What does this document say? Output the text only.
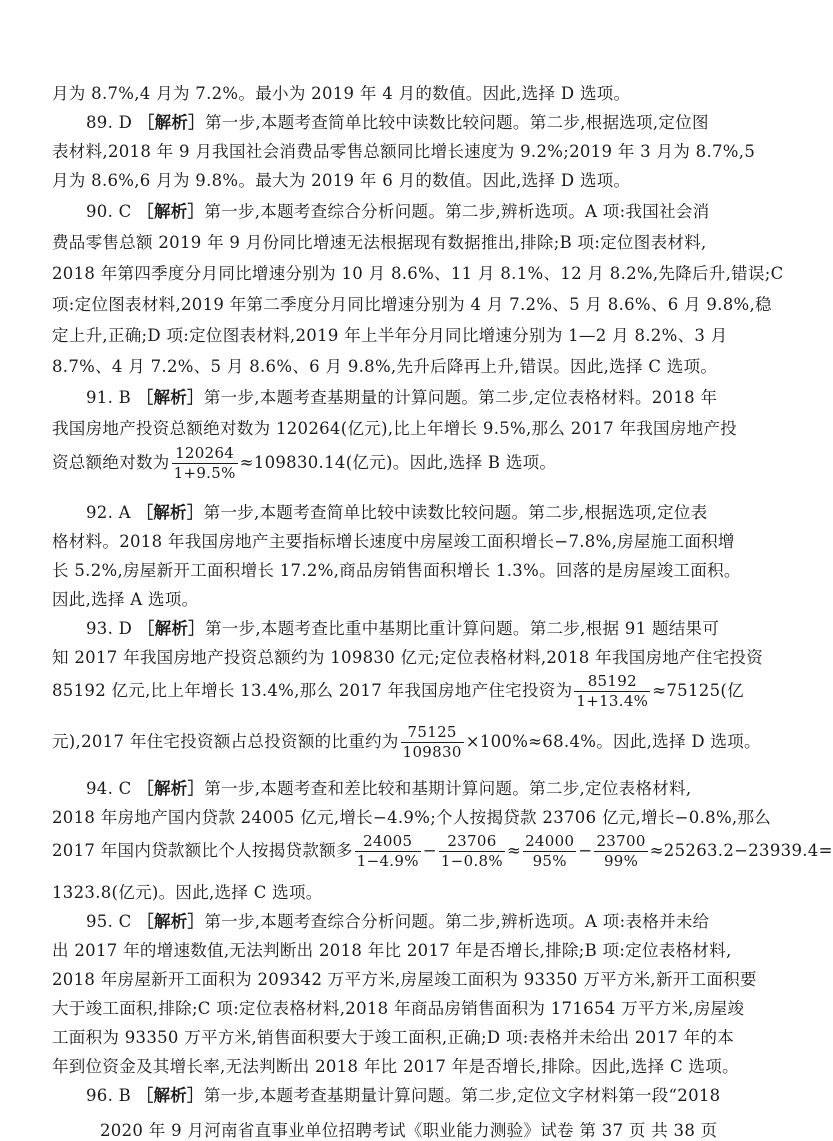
月为 8.7%,4 月为 7.2%。最小为 2019 年 4 月的数值。因此,选择 D 选项。
89. D ［解析］第一步,本题考查简单比较中读数比较问题。第二步,根据选项,定位图
表材料,2018 年 9 月我国社会消费品零售总额同比增长速度为 9.2%;2019 年 3 月为 8.7%,5
月为 8.6%,6 月为 9.8%。最大为 2019 年 6 月的数值。因此,选择 D 选项。
90. C ［解析］第一步,本题考查综合分析问题。第二步,辨析选项。A 项:我国社会消
费品零售总额 2019 年 9 月份同比增速无法根据现有数据推出,排除;B 项:定位图表材料,
2018 年第四季度分月同比增速分别为 10 月 8.6%、11 月 8.1%、12 月 8.2%,先降后升,错误;C
项:定位图表材料,2019 年第二季度分月同比增速分别为 4 月 7.2%、5 月 8.6%、6 月 9.8%,稳
定上升,正确;D 项:定位图表材料,2019 年上半年分月同比增速分别为 1—2 月 8.2%、3 月
8.7%、4 月 7.2%、5 月 8.6%、6 月 9.8%,先升后降再上升,错误。因此,选择 C 选项。
91. B ［解析］第一步,本题考查基期量的计算问题。第二步,定位表格材料。2018 年
我国房地产投资总额绝对数为 120264(亿元),比上年增长 9.5%,那么 2017 年我国房地产投
资总额绝对数为 $\frac{120264}{1+9.5\%} \approx 109830.14$(亿元)。因此,选择 B 选项。
92. A ［解析］第一步,本题考查简单比较中读数比较问题。第二步,根据选项,定位表
格材料。2018 年我国房地产主要指标增长速度中房屋竣工面积增长−7.8%,房屋施工面积增
长 5.2%,房屋新开工面积增长 17.2%,商品房销售面积增长 1.3%。回落的是房屋竣工面积。
因此,选择 A 选项。
93. D ［解析］第一步,本题考查比重中基期比重计算问题。第二步,根据 91 题结果可
知 2017 年我国房地产投资总额约为 109830 亿元;定位表格材料,2018 年我国房地产住宅投资
85192 亿元,比上年增长 13.4%,那么 2017 年我国房地产住宅投资为 $\frac{85192}{1+13.4\%} \approx 75125$(亿
元),2017 年住宅投资额占总投资额的比重约为 $\frac{75125}{109830} \times 100\%\approx 68.4\%$。因此,选择 D 选项。
94. C ［解析］第一步,本题考查和差比较和基期计算问题。第二步,定位表格材料,
2018 年房地产国内贷款 24005 亿元,增长−4.9%;个人按揭贷款 23706 亿元,增长−0.8%,那么
2017 年国内贷款额比个人按揭贷款额多 $\frac{24005}{1-4.9\%} - \frac{23706}{1-0.8\%} \approx \frac{24000}{95\%} - \frac{23700}{99\%} \approx 25263.2-23939.4=$
1323.8(亿元)。因此,选择 C 选项。
95. C ［解析］第一步,本题考查综合分析问题。第二步,辨析选项。A 项:表格并未给
出 2017 年的增速数值,无法判断出 2018 年比 2017 年是否增长,排除;B 项:定位表格材料,
2018 年房屋新开工面积为 209342 万平方米,房屋竣工面积为 93350 万平方米,新开工面积要
2020 年 9 月河南省直事业单位招聘考试《职业能力测验》试卷 第 37 页 共 38 页
大于竣工面积,排除;C 项:定位表格材料,2018 年商品房销售面积为 171654 万平方米,房屋竣
工面积为 93350 万平方米,销售面积要大于竣工面积,正确;D 项:表格并未给出 2017 年的本
年到位资金及其增长率,无法判断出 2018 年比 2017 年是否增长,排除。因此,选择 C 选项。
96. B ［解析］第一步,本题考查基期量计算问题。第二步,定位文字材料第一段“2018
